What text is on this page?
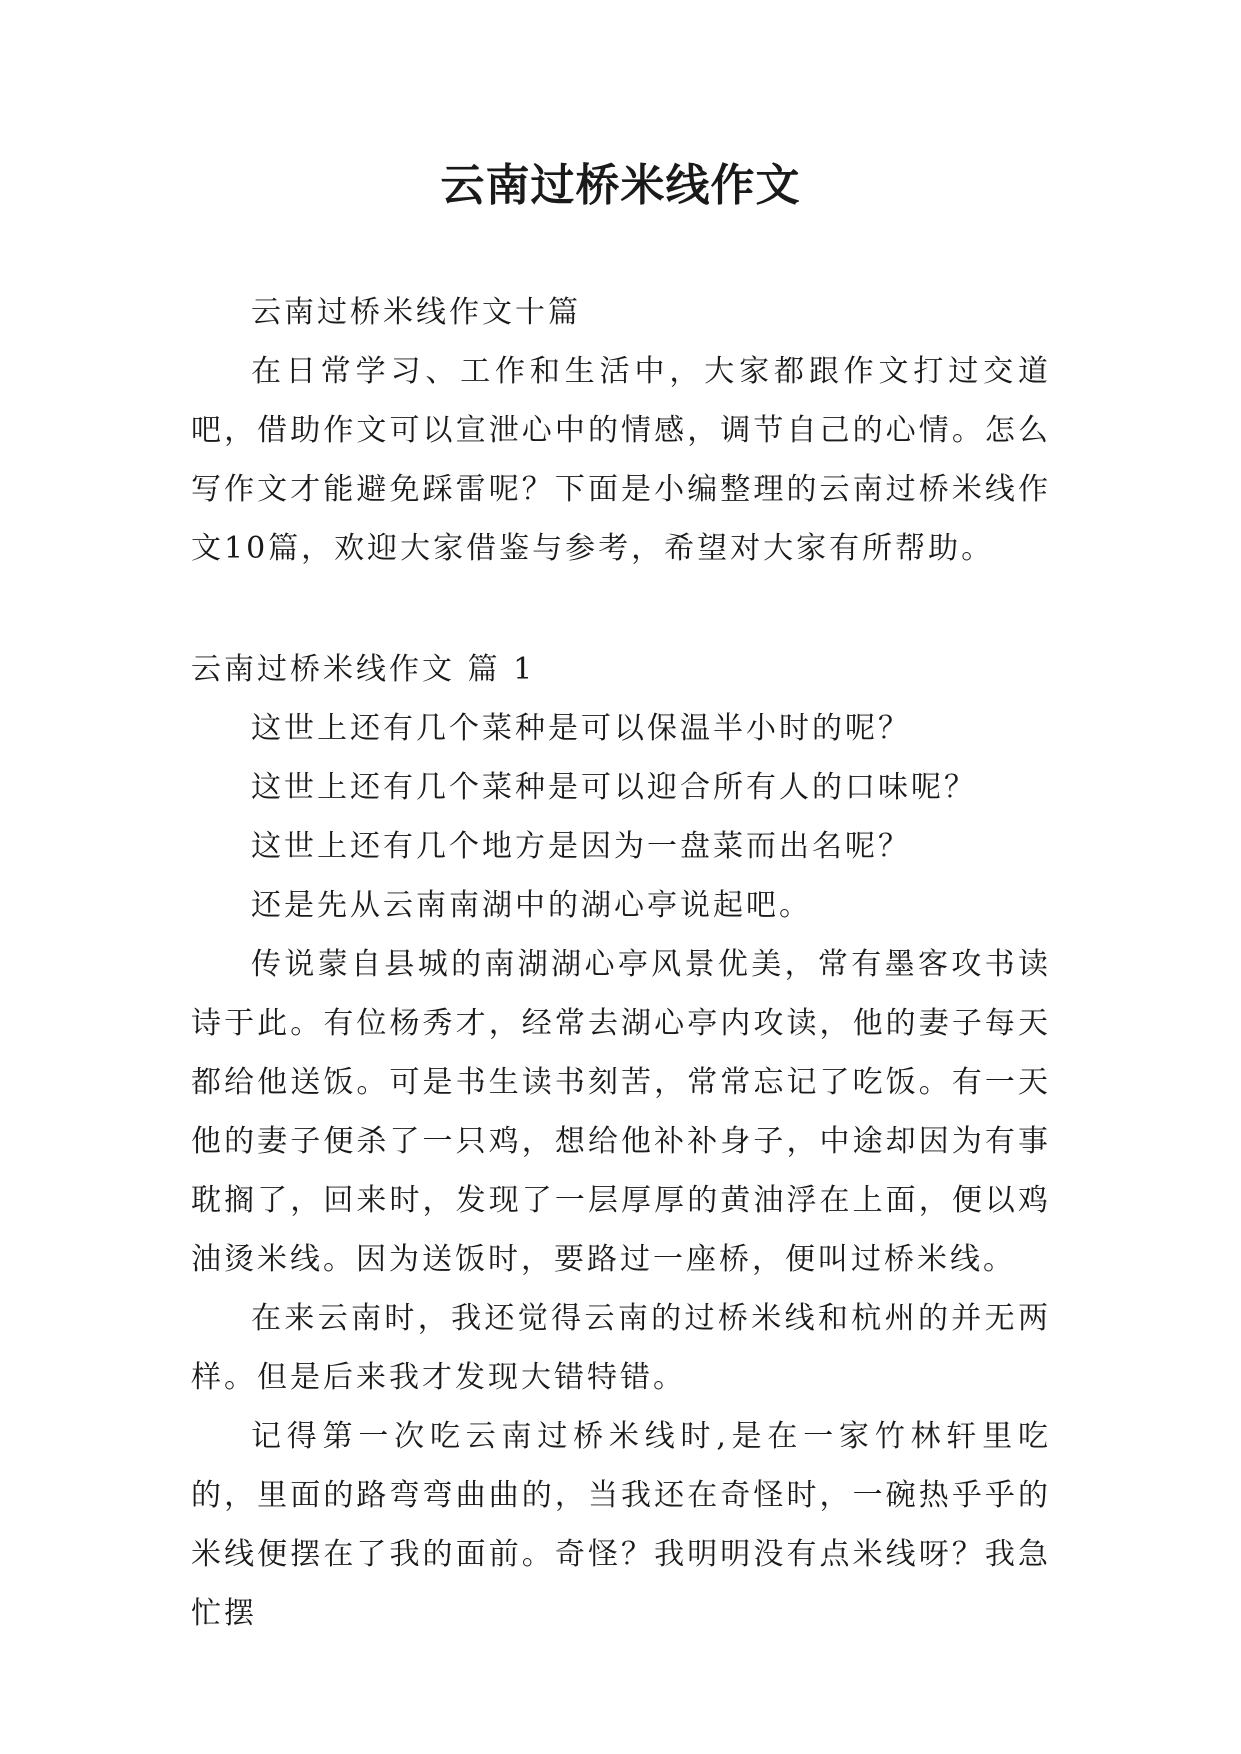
云南过桥米线作文

云南过桥米线作文十篇

在日常学习、工作和生活中，大家都跟作文打过交道吧，借助作文可以宣泄心中的情感，调节自己的心情。怎么写作文才能避免踩雷呢？下面是小编整理的云南过桥米线作文10篇，欢迎大家借鉴与参考，希望对大家有所帮助。

云南过桥米线作文 篇 1

这世上还有几个菜种是可以保温半小时的呢？

这世上还有几个菜种是可以迎合所有人的口味呢？

这世上还有几个地方是因为一盘菜而出名呢？

还是先从云南南湖中的湖心亭说起吧。

传说蒙自县城的南湖湖心亭风景优美，常有墨客攻书读诗于此。有位杨秀才，经常去湖心亭内攻读，他的妻子每天都给他送饭。可是书生读书刻苦，常常忘记了吃饭。有一天他的妻子便杀了一只鸡，想给他补补身子，中途却因为有事耽搁了，回来时，发现了一层厚厚的黄油浮在上面，便以鸡油烫米线。因为送饭时，要路过一座桥，便叫过桥米线。

在来云南时，我还觉得云南的过桥米线和杭州的并无两样。但是后来我才发现大错特错。

记得第一次吃云南过桥米线时,是在一家竹林轩里吃的，里面的路弯弯曲曲的，当我还在奇怪时，一碗热乎乎的米线便摆在了我的面前。奇怪？我明明没有点米线呀？我急忙摆
